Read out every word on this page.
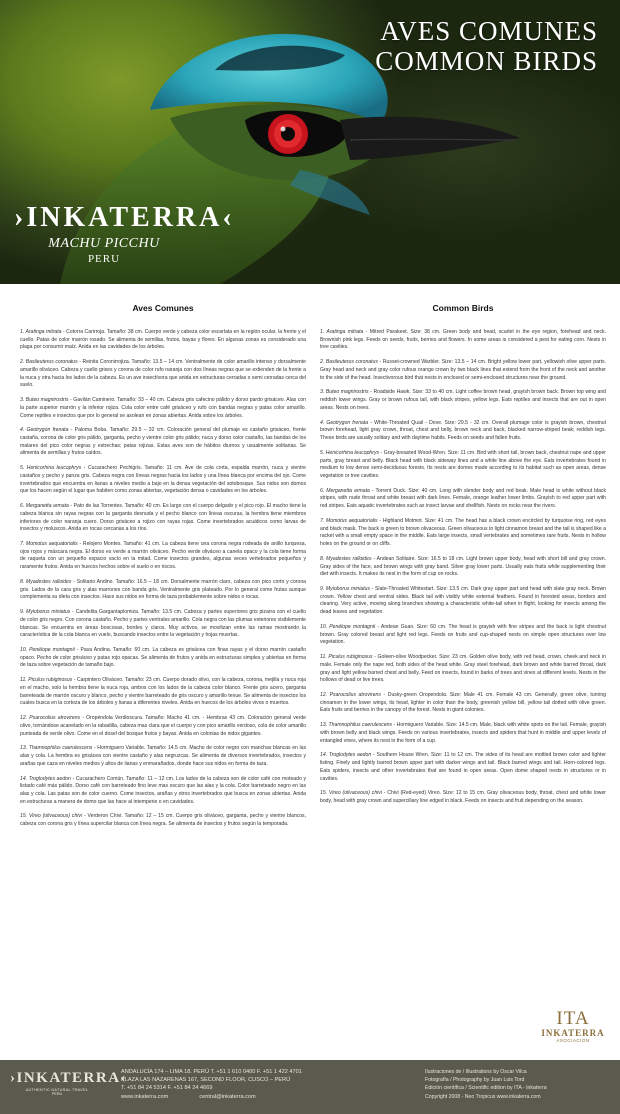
AVES COMUNES
COMMON BIRDS
›INKATERRA‹
MACHU PICCHU
PERU
Aves Comunes

1. Aratinga mitrata - Cotorra Carirroja. Tamaño: 38 cm. Cuerpo verde y cabeza color escarlata en la región ocular, la frente y el cuello. Patas de color marrón rosado. Se alimenta de semillas, frutos, bayas y flores. En algunas zonas es considerado una plaga por consumir maíz. Anida en las cavidades de los árboles.

2. Basileuterus coronatus - Reinita Coronirrojiza. Tamaño: 13.5 – 14 cm. Ventralmente de color amarillo intenso y dorsalmente amarillo oliváceo. Cabeza y cuello grises y corona de color rufo naranja con dos líneas negras que se extienden de la frente a la nuca y otra hacia los lados de la cabeza. Es un ave insectívora que anida en estructuras cerradas o semi cerradas cerca del suelo.

3. Buteo magnirostris - Gavilán Caminero. Tamaño: 33 – 40 cm. Cabeza gris cafecino pálido y dorso pardo grisáceo. Alas con la parte superior marrón y la inferior rojiza. Cola color entre café grisáceo y rufo con bandas negras y patas color amarillo. Come reptiles e insectos que por lo general se asolean en zonas abiertas. Anida sobre los árboles.

4. Geotrygon frenata - Paloma Boba. Tamaño: 29.5 – 32 cm. Coloración general del plumaje es castaño grisáceo, frente castaña, corona de color gris pálido, garganta, pecho y vientre color gris pálido; nuca y dorso color castaño, las bandas de los malares del pico color negras y estrechas; patas rojizas. Estas aves son de hábitos diurnos y usualmente solitarias. Se alimenta de semillas y frutos caídos.

5. Henicorhina leucophrys - Cucarachero Pechigris. Tamaño: 11 cm. Ave de cola corta, espalda marrón, nuca y vientre castaños y pecho y panza gris. Cabeza negra con líneas negras hacia los lados y una línea blanca por encima del ojo. Come invertebrados que encuentra en lianas a niveles medio a bajo en la densa vegetación del sotobosque. Sus nidos son domos que los hacen según el lugar que habiten como zonas abiertas, vegetación densa o cavidades en los árboles.

6. Merganetta armata - Pato de las Torrentes. Tamaño: 40 cm. Es largo con el cuerpo delgado y el pico rojo. El macho tiene la cabeza blanca sin rayas negras con la garganta desnuda y el pecho blanco con líneas oscuras, la hembra tiene miembros inferiores de color naranja cuero. Dorso grisáceo a rojizo con rayas rojas. Come invertebrados acuáticos como larvas de insectos y moluscos. Anida en rocas cercanas a los ríos.

7. Momotus aequatorialis - Relojero Montes. Tamaño: 41 cm. La cabeza tiene una corona negra rodeada de anillo turquesa, ojos rojos y máscara negra. El dorso es verde a marrón oliváceo. Pecho verde oliváceo a canela opaco y la cola tiene forma de raqueta con un pequeño espacio vacío en la mitad. Come insectos grandes, algunas veces vertebrados pequeños y raramente frutos. Anida en huecos hechos sobre el suelo o en riscos.

8. Myadestes ralloides - Solitario Andino. Tamaño: 16.5 – 18 cm. Dorsalmente marrón claro, cabeza con pico corto y corona gris. Lados de la cara gris y alas marrones con banda gris. Ventralmente gris plateado. Por lo general come frutas aunque complementa su dieta con insectos. Hace sus nidos en forma de taza probablemente sobre nidos o rocas.

9. Myioborus miniatus - Candelita Gargantaplomiza. Tamaño: 13.5 cm. Cabeza y partes superiores gris pizarra con el cuello de color gris negro. Con corona castaño. Pecho y partes ventrales amarillo. Cola negra con las plumas exteriores visiblemente blancas. Se encuentra en áreas boscosas, bordes y claros. Muy activos, se movilizan entre las ramas mostrando la característica de la cola blanca en vuelo, buscando insectos entre la vegetación y hojas muertas.

10. Penélope montagnii - Pava Andina. Tamaño: 60 cm. La cabeza es grisácea con finas rayas y el dorso marrón castaño opaco. Pecho de color grisáceo y patas rojo opacas. Se alimenta de frutos y anida en estructuras simples y abiertas en forma de taza sobre vegetación de tamaño bajo.

11. Piculus rubiginosus - Carpintero Oliváceo. Tamaño: 23 cm. Cuerpo dorado olivo, con la cabeza, corona, mejilla y nuca roja en el macho, solo la hembra tiene la nuca roja, ambos con los lados de la cabeza color blanco. Frente gris acero, garganta barreteada de marrón oscuro y blanco, pecho y vientre barreteado de gris oscuro y amarillo tenue. Se alimenta de insectos los cuales busca en la corteza de los árboles y lianas a diferentes niveles. Anida en huecos de los árboles vivos o muertos.

12. Psarocolius atrovirens - Oropéndola Verdioscura. Tamaño: Macho 41 cm. - Hembras 43 cm. Coloración general verde olivo, tornándose acanelado en la rabadilla, cabeza mas clara que el cuerpo y con pico amarillo verdoso, cola de color amarillo punteada de verde olivo. Come en el dosel del bosque frutos y bayas. Anida en colonias de nidos gigantes.

13. Thamnophilus caerulescens - Hormiguero Variable. Tamaño: 14.5 cm. Macho de color negro con manchas blancas en las alas y cola. La hembra es grisácea con vientre castaño y alas negruzcas. Se alimenta de diversos invertebrados, insectos y arañas que caza en niveles medios y altos de lianas y enmarañados, donde hace sus nidos en forma de taza.

14. Troglodytes aedon - Cucarachero Común. Tamaño: 11 – 12 cm. Los lados de la cabeza son de color café con moteado y listado café más pálido. Dorso café con barreteado fino leve mas oscuro que las alas y la cola. Color barreteado negro en las alas y cola. Las patas son de color cuerno. Come insectos, arañas y otros invertebrados que busca en zonas abiertas. Anida en estructuras a manera de domo que las hace al intemperie o en cavidades.

15. Vireo (olivaceous) chivi - Verderon Chivi. Tamaño: 12 – 15 cm. Cuerpo gris oliváceo, garganta, pecho y vientre blancos, cabeza con corona gris y línea supercilar blanca con línea negra. Se alimenta de insectos y frutos según la temporada.

Common Birds

1. Aratinga mitrata - Mitred Parakeet. Size: 38 cm. Green body and head, scarlet in the eye region, forehead and neck. Brownish pink legs. Feeds on seeds, fruits, berries and flowers. In some areas is considered a pest for eating corn. Nests in tree cavities.

2. Basileuterus coronatus - Russet-crowned Warbler. Size: 13.5 – 14 cm. Bright yellow lower part, yellowish olive upper parts. Gray head and neck and gray color rufous orange crown by two black lines that extend from the front of the neck and another to the side of the head. Insectivorous bird that nests in enclosed or semi-enclosed structures near the ground.

3. Buteo magnirostris - Roadside Hawk. Size: 33 to 40 cm. Light coffee brown head, grayish brown back. Brown top wing and reddish lower wings. Gray or brown rufous tail, with black stripes, yellow legs. Eats reptiles and insects that are out in open areas. Nests on trees.

4. Geotrygon frenata - White-Throated Quail - Dove. Size: 29.5 - 32 cm. Overall plumage color is grayish brown, chestnut brown forehead, light gray crown, throat, chest and belly, brown neck and back, blacked narrow-striped beak; reddish legs. These birds are usually solitary and with daytime habits. Feeds on seeds and fallen fruits.

5. Henicorhina leucophrys - Gray-breasted Wood-Wren. Size: 11 cm. Bird with short tail, brown back, chestnut nape and upper parts, gray breast and belly. Black head with black sideway lines and a white line above the eye. Eats invertebrates found in medium to low dense semi-deciduous forests. Its nests are domes made according to its habitat such as open areas, dense vegetation or tree cavities.

6. Merganetta armata - Torrent Duck. Size: 40 cm. Long with slender body and red beak. Male head is white without black stripes, with nude throat and white breast with dark lines. Female, orange leather lower limbs. Grayish to red upper part with red stripes. Eats aquatic invertebrates such as insect larvae and shellfish. Nests on rocks near the rivers.

7. Momotus aequatorialis - Highland Motmot. Size: 41 cm. The head has a black crown encircled by turquoise ring, red eyes and black mask. The back is green to brown olivaceous. Green olivaceous to light cinnamon breast and the tail is shaped like a racket with a small empty space in the middle. Eats large insects, small vertebrates and sometimes rare fruits. Nests in hollow holes on the ground or on cliffs.

8. Myadestes ralloides - Andean Solitaire. Size: 16.5 to 18 cm. Light brown upper body, head with short bill and gray crown. Gray sides of the face, and brown wings with gray band. Silver gray lower parts. Usually eats fruits while supplementing their diet with insects. It makes its nest in the form of cup on rocks.

9. Myioborus miniatus - Slate-Throated Whitestart. Size: 13.5 cm. Dark gray upper part and head with slate gray neck. Brown crown. Yellow chest and ventral sides. Black tail with visibly white external feathers. Found in forested areas, borders and clearing. Very active, moving along branches showing a characteristic white-tail when in flight, looking for insects among the dead leaves and vegetation.

10. Penélope montagnii - Andean Guan. Size: 60 cm. The head is grayish with fine stripes and the back is light chestnut brown. Gray colored breast and light red legs. Feeds on fruits and cup-shaped nests on simple open structures over low vegetation.

11. Piculus rubiginosus - Goleen-olive Woodpecker. Size: 23 cm. Golden olive body, with red head, crown, cheek and neck in male. Female only the nape red, both sides of the head white. Gray steel forehead, dark brown and white barred throat, dark gray and light yellow barred chest and belly. Feed on insects, found in barks of trees and vines at different levels. Nests in the hollows of dead or live trees.

12. Psarocolius atrovirens - Dusky-green Oropendola. Size: Male 41 cm. Female 43 cm. Generally, green olive, turning cinnamon in the lower wings, its head, lighter in color than the body, greenish yellow bill, yellow tail dotted with olive green. Eats fruits and berries in the canopy of the forest. Nests in giant colonies.

13. Thamnophilus caerulescens - Hormiguero Variable. Size: 14.5 cm. Male, black with white spots on the tail. Female, grayish with brown belly and black wings. Feeds on various invertebrates, insects and spiders that hunt in middle and upper levels of entangled vines, where its nest in the form of a cup.

14. Troglodytes aedon - Southern House Wren. Size: 11 to 12 cm. The sides of its head are mottled brown color and lighter listing. Finely and lightly barred brown upper part with darker wings and tail. Black barred wings and tail. Horn-colored legs. Eats spiders, insects and other invertebrates that are found in open areas. Open dome shaped nests in structures or in cavities.

15. Vireo (olivaceous) chivi - Chivi (Red-eyed) Vireo. Size: 12 to 15 cm. Gray olivaceous body, throat, chest and white lower body, head with gray crown and superciliary line edged in black. Feeds on insects and fruit depending on the season.

ITA
INKATERRA
ASOCIACIÓN
›INKATERRA‹
AUTHENTIC NATURAL TRAVEL
PERU
ANDALUCÍA 174 – LIMA 18. PERÚ T. +51 1 610 0400 F. +51 1 422 4701
PLAZA LAS NAZARENAS 167, SECOND FLOOR, CUSCO – PERÚ
T. +51 84 24 5314 F. +51 84 24 4669
www.inkaterra.com                    central@inkaterra.com
Ilustraciones de / Illustrations by Oscar Vilca
Fotografía / Photography by Juan Luis Tord
Edición científica / Scientific edition by ITA - Inkaterra
Copyright 2008 - Neo Tropicus www.inkaterra.com
